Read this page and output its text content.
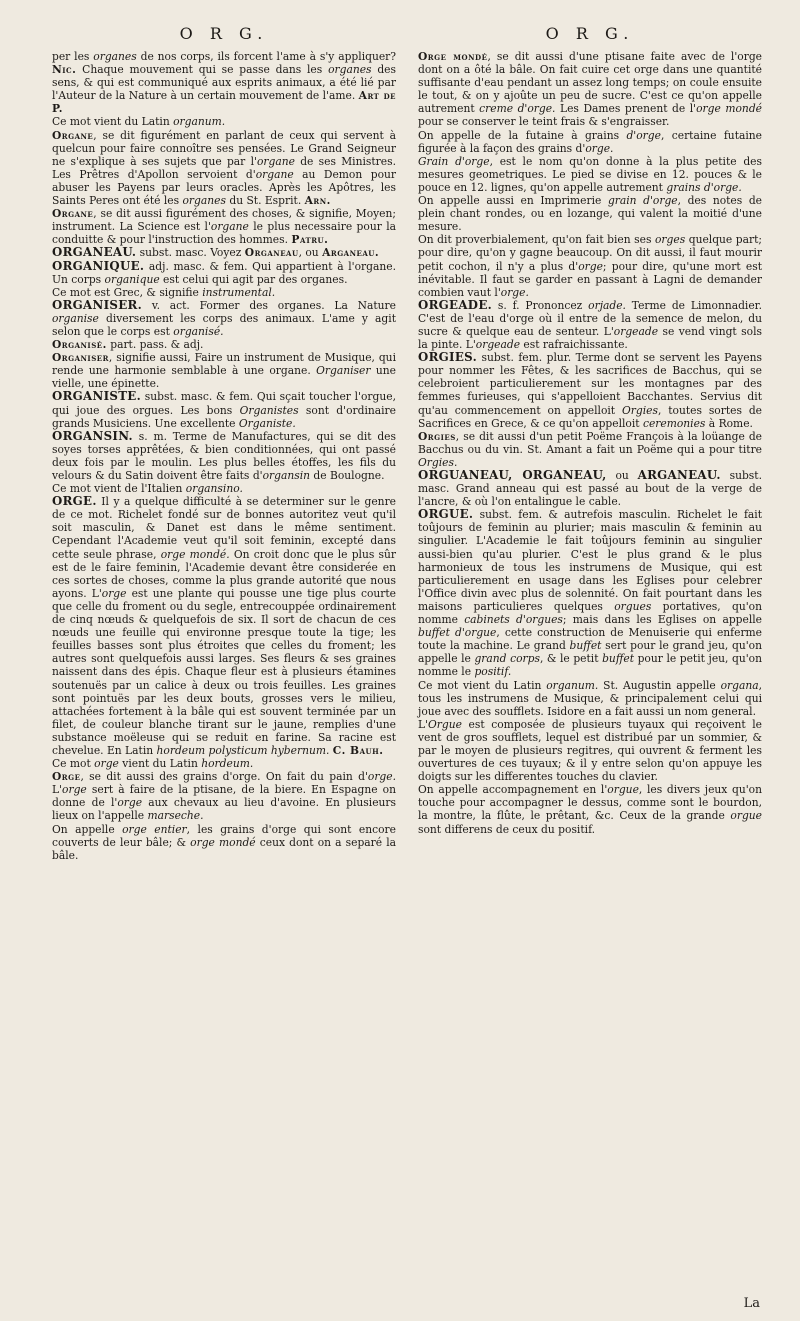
O R G.

per les organes de nos corps, ils forcent l'ame à s'y appliquer? Nic. Chaque mouvement qui se passe dans les organes des sens, & qui est communiqué aux esprits animaux, a été lié par l'Auteur de la Nature à un certain mouvement de l'ame. Art de P.

Ce mot vient du Latin organum.

Organe, se dit figurément en parlant de ceux qui servent à quelcun pour faire connoître ses pensées. Le Grand Seigneur ne s'explique à ses sujets que par l'organe de ses Ministres. Les Prêtres d'Apollon servoient d'organe au Demon pour abuser les Payens par leurs oracles. Après les Apôtres, les Saints Peres ont été les organes du St. Esprit. Arn.

Organe, se dit aussi figurément des choses, & signifie, Moyen; instrument. La Science est l'organe le plus necessaire pour la conduitte & pour l'instruction des hommes. Patru.

ORGANEAU. subst. masc. Voyez Organeau, ou Arganeau.

ORGANIQUE. adj. masc. & fem. Qui appartient à l'organe. Un corps organique est celui qui agit par des organes.

Ce mot est Grec, & signifie instrumental.

ORGANISER. v. act. Former des organes. La Nature organise diversement les corps des animaux. L'ame y agit selon que le corps est organisé.

Organisé. part. pass. & adj.

Organiser, signifie aussi, Faire un instrument de Musique, qui rende une harmonie semblable à une organe. Organiser une vielle, une épinette.

ORGANISTE. subst. masc. & fem. Qui sçait toucher l'orgue, qui joue des orgues. Les bons Organistes sont d'ordinaire grands Musiciens. Une excellente Organiste.

ORGANSIN. s. m. Terme de Manufactures, qui se dit des soyes torses apprêtées, & bien conditionnées, qui ont passé deux fois par le moulin. Les plus belles étoffes, les fils du velours & du Satin doivent être faits d'organsin de Boulogne.

Ce mot vient de l'Italien organsino.

ORGE. Il y a quelque difficulté à se determiner sur le genre de ce mot. Richelet fondé sur de bonnes autoritez veut qu'il soit masculin, & Danet est dans le même sentiment. Cependant l'Academie veut qu'il soit feminin, excepté dans cette seule phrase, orge mondé. On croit donc que le plus sûr est de le faire feminin, l'Academie devant être considerée en ces sortes de choses, comme la plus grande autorité que nous ayons. L'orge est une plante qui pousse une tige plus courte que celle du froment ou du segle, entrecouppée ordinairement de cinq nœuds & quelquefois de six. Il sort de chacun de ces nœuds une feuille qui environne presque toute la tige; les feuilles basses sont plus étroites que celles du froment; les autres sont quelquefois aussi larges. Ses fleurs & ses graines naissent dans des épis. Chaque fleur est à plusieurs étamines soutenuës par un calice à deux ou trois feuilles. Les graines sont pointuës par les deux bouts, grosses vers le milieu, attachées fortement à la bâle qui est souvent terminée par un filet, de couleur blanche tirant sur le jaune, remplies d'une substance moëleuse qui se reduit en farine. Sa racine est chevelue. En Latin hordeum polysticum hybernum. C. Bauh.

Ce mot orge vient du Latin hordeum.

Orge, se dit aussi des grains d'orge. On fait du pain d'orge. L'orge sert à faire de la ptisane, de la biere. En Espagne on donne de l'orge aux chevaux au lieu d'avoine. En plusieurs lieux on l'appelle marseche.

On appelle orge entier, les grains d'orge qui sont encore couverts de leur bâle; & orge mondé ceux dont on a separé la bâle.

O R G.

Orge mondé, se dit aussi d'une ptisane faite avec de l'orge dont on a ôté la bâle. On fait cuire cet orge dans une quantité suffisante d'eau pendant un assez long temps; on coule ensuite le tout, & on y ajoûte un peu de sucre. C'est ce qu'on appelle autrement creme d'orge. Les Dames prenent de l'orge mondé pour se conserver le teint frais & s'engraisser.

On appelle de la futaine à grains d'orge, certaine futaine figurée à la façon des grains d'orge.

Grain d'orge, est le nom qu'on donne à la plus petite des mesures geometriques. Le pied se divise en 12. pouces & le pouce en 12. lignes, qu'on appelle autrement grains d'orge.

On appelle aussi en Imprimerie grain d'orge, des notes de plein chant rondes, ou en lozange, qui valent la moitié d'une mesure.

On dit proverbialement, qu'on fait bien ses orges quelque part; pour dire, qu'on y gagne beaucoup. On dit aussi, il faut mourir petit cochon, il n'y a plus d'orge; pour dire, qu'une mort est inévitable. Il faut se garder en passant à Lagni de demander combien vaut l'orge.

ORGEADE. s. f. Prononcez orjade. Terme de Limonnadier. C'est de l'eau d'orge où il entre de la semence de melon, du sucre & quelque eau de senteur. L'orgeade se vend vingt sols la pinte. L'orgeade est rafraichissante.

ORGIES. subst. fem. plur. Terme dont se servent les Payens pour nommer les Fêtes, & les sacrifices de Bacchus, qui se celebroient particulierement sur les montagnes par des femmes furieuses, qui s'appelloient Bacchantes. Servius dit qu'au commencement on appelloit Orgies, toutes sortes de Sacrifices en Grece, & ce qu'on appelloit ceremonies à Rome.

Orgies, se dit aussi d'un petit Poëme François à la loüange de Bacchus ou du vin. St. Amant a fait un Poëme qui a pour titre Orgies.

ORGUANEAU, ORGANEAU, ou ARGANEAU. subst. masc. Grand anneau qui est passé au bout de la verge de l'ancre, & où l'on entalingue le cable.

ORGUE. subst. fem. & autrefois masculin. Richelet le fait toûjours de feminin au plurier; mais masculin & feminin au singulier. L'Academie le fait toûjours feminin au singulier aussi-bien qu'au plurier. C'est le plus grand & le plus harmonieux de tous les instrumens de Musique, qui est particulierement en usage dans les Eglises pour celebrer l'Office divin avec plus de solennité. On fait pourtant dans les maisons particulieres quelques orgues portatives, qu'on nomme cabinets d'orgues; mais dans les Eglises on appelle buffet d'orgue, cette construction de Menuiserie qui enferme toute la machine. Le grand buffet sert pour le grand jeu, qu'on appelle le grand corps, & le petit buffet pour le petit jeu, qu'on nomme le positif.

Ce mot vient du Latin organum. St. Augustin appelle organa, tous les instrumens de Musique, & principalement celui qui joue avec des soufflets. Isidore en a fait aussi un nom general.

L'Orgue est composée de plusieurs tuyaux qui reçoivent le vent de gros soufflets, lequel est distribué par un sommier, & par le moyen de plusieurs regitres, qui ouvrent & ferment les ouvertures de ces tuyaux; & il y entre selon qu'on appuye les doigts sur les differentes touches du clavier.

On appelle accompagnement en l'orgue, les divers jeux qu'on touche pour accompagner le dessus, comme sont le bourdon, la montre, la flûte, le prêtant, &c. Ceux de la grande orgue sont differens de ceux du positif.

La
